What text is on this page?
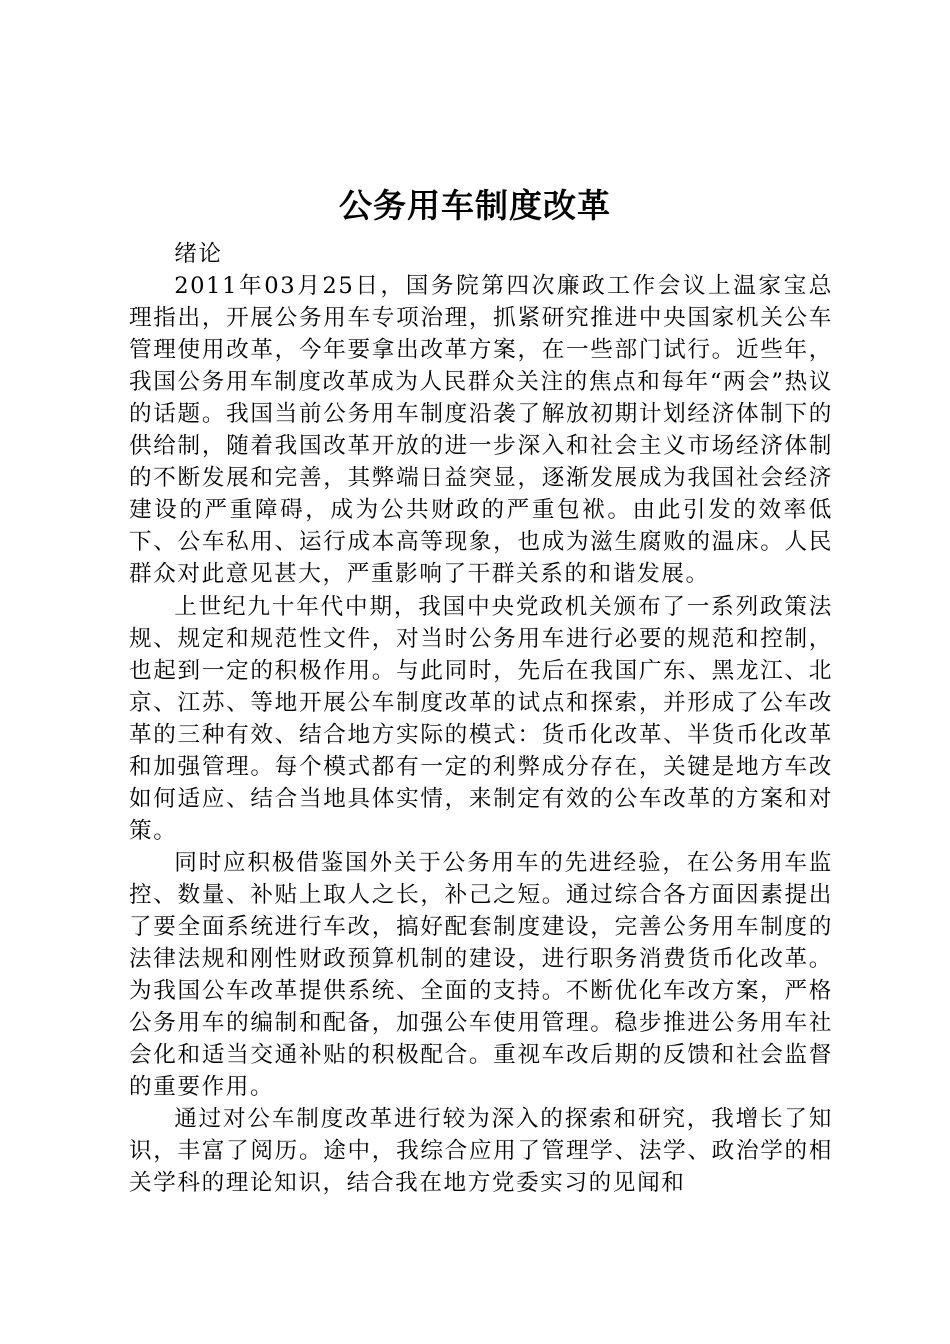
公务用车制度改革

绪论

2011年03月25日，国务院第四次廉政工作会议上温家宝总理指出，开展公务用车专项治理，抓紧研究推进中央国家机关公车管理使用改革，今年要拿出改革方案，在一些部门试行。近些年，我国公务用车制度改革成为人民群众关注的焦点和每年“两会”热议的话题。我国当前公务用车制度沿袭了解放初期计划经济体制下的供给制，随着我国改革开放的进一步深入和社会主义市场经济体制的不断发展和完善，其弊端日益突显，逐渐发展成为我国社会经济建设的严重障碍，成为公共财政的严重包袱。由此引发的效率低下、公车私用、运行成本高等现象，也成为滋生腐败的温床。人民群众对此意见甚大，严重影响了干群关系的和谐发展。

上世纪九十年代中期，我国中央党政机关颁布了一系列政策法规、规定和规范性文件，对当时公务用车进行必要的规范和控制，也起到一定的积极作用。与此同时，先后在我国广东、黑龙江、北京、江苏、等地开展公车制度改革的试点和探索，并形成了公车改革的三种有效、结合地方实际的模式：货币化改革、半货币化改革和加强管理。每个模式都有一定的利弊成分存在，关键是地方车改如何适应、结合当地具体实情，来制定有效的公车改革的方案和对策。

同时应积极借鉴国外关于公务用车的先进经验，在公务用车监控、数量、补贴上取人之长，补己之短。通过综合各方面因素提出了要全面系统进行车改，搞好配套制度建设，完善公务用车制度的法律法规和刚性财政预算机制的建设，进行职务消费货币化改革。为我国公车改革提供系统、全面的支持。不断优化车改方案，严格公务用车的编制和配备，加强公车使用管理。稳步推进公务用车社会化和适当交通补贴的积极配合。重视车改后期的反馈和社会监督的重要作用。

通过对公车制度改革进行较为深入的探索和研究，我增长了知识，丰富了阅历。途中，我综合应用了管理学、法学、政治学的相关学科的理论知识，结合我在地方党委实习的见闻和
